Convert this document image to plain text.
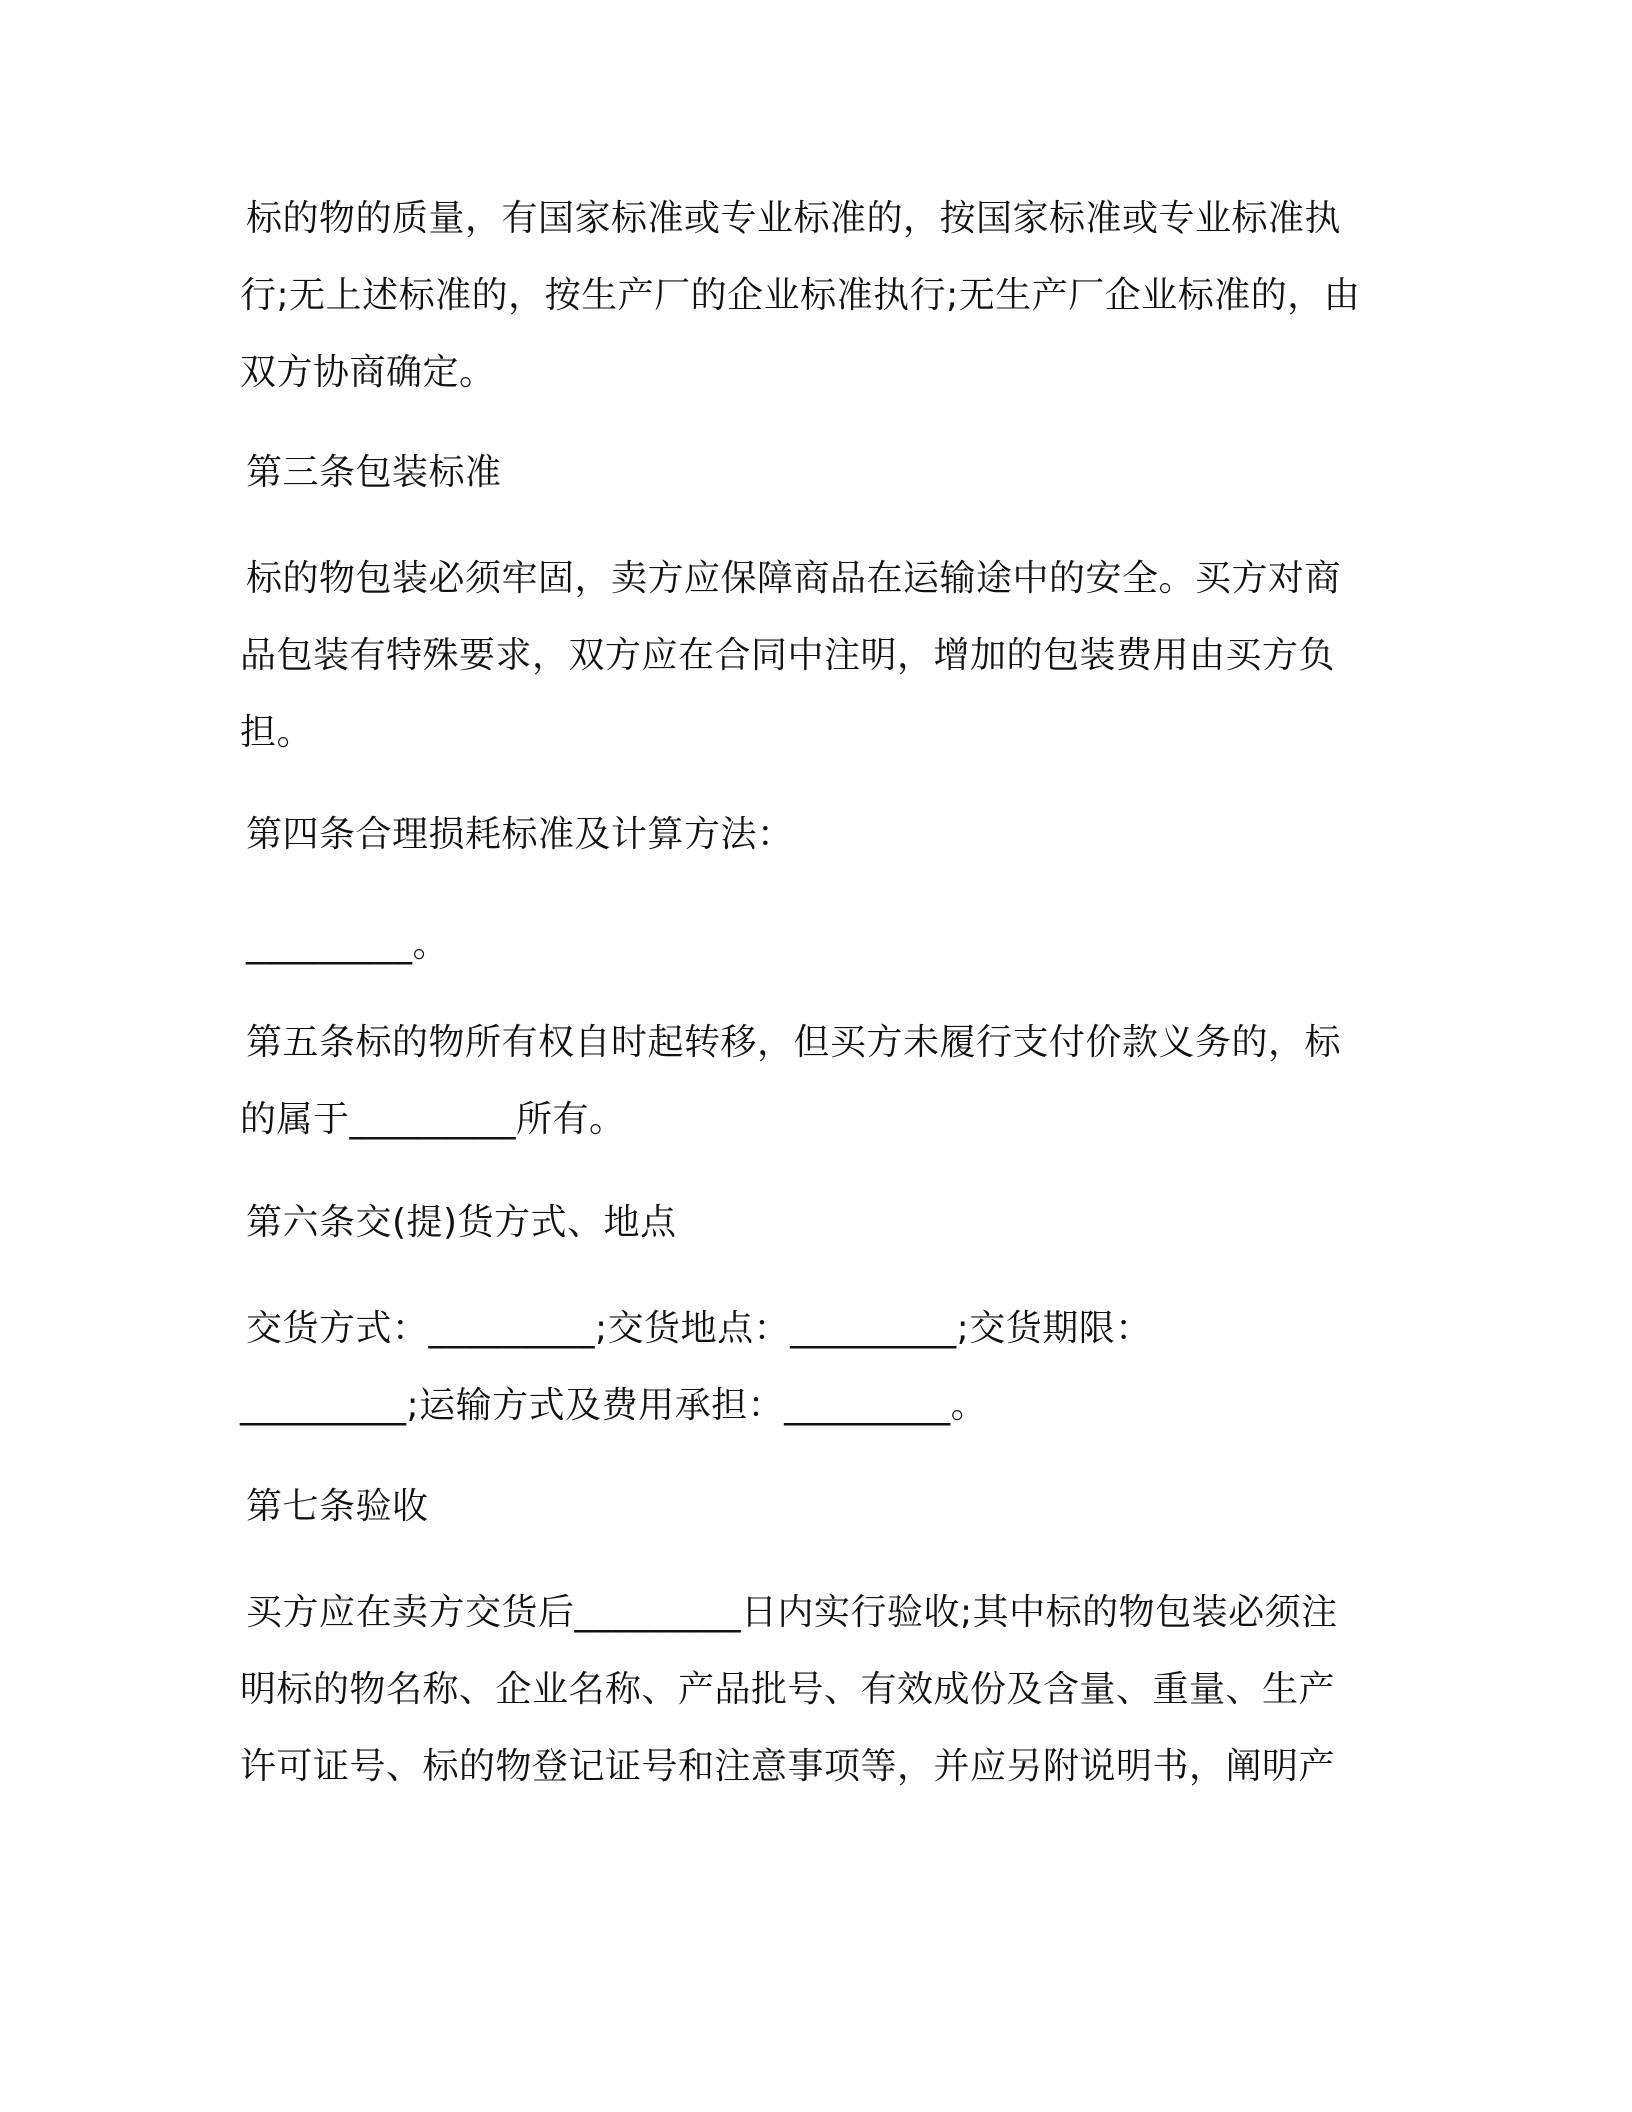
标的物的质量，有国家标准或专业标准的，按国家标准或专业标准执
行;无上述标准的，按生产厂的企业标准执行;无生产厂企业标准的，由
双方协商确定。
第三条包装标准
标的物包装必须牢固，卖方应保障商品在运输途中的安全。买方对商
品包装有特殊要求，双方应在合同中注明，增加的包装费用由买方负
担。
第四条合理损耗标准及计算方法：
_________。
第五条标的物所有权自时起转移，但买方未履行支付价款义务的，标
的属于_________所有。
第六条交(提)货方式、地点
交货方式：_________;交货地点：_________;交货期限：
_________;运输方式及费用承担：_________。
第七条验收
买方应在卖方交货后_________日内实行验收;其中标的物包装必须注
明标的物名称、企业名称、产品批号、有效成份及含量、重量、生产
许可证号、标的物登记证号和注意事项等，并应另附说明书，阐明产
